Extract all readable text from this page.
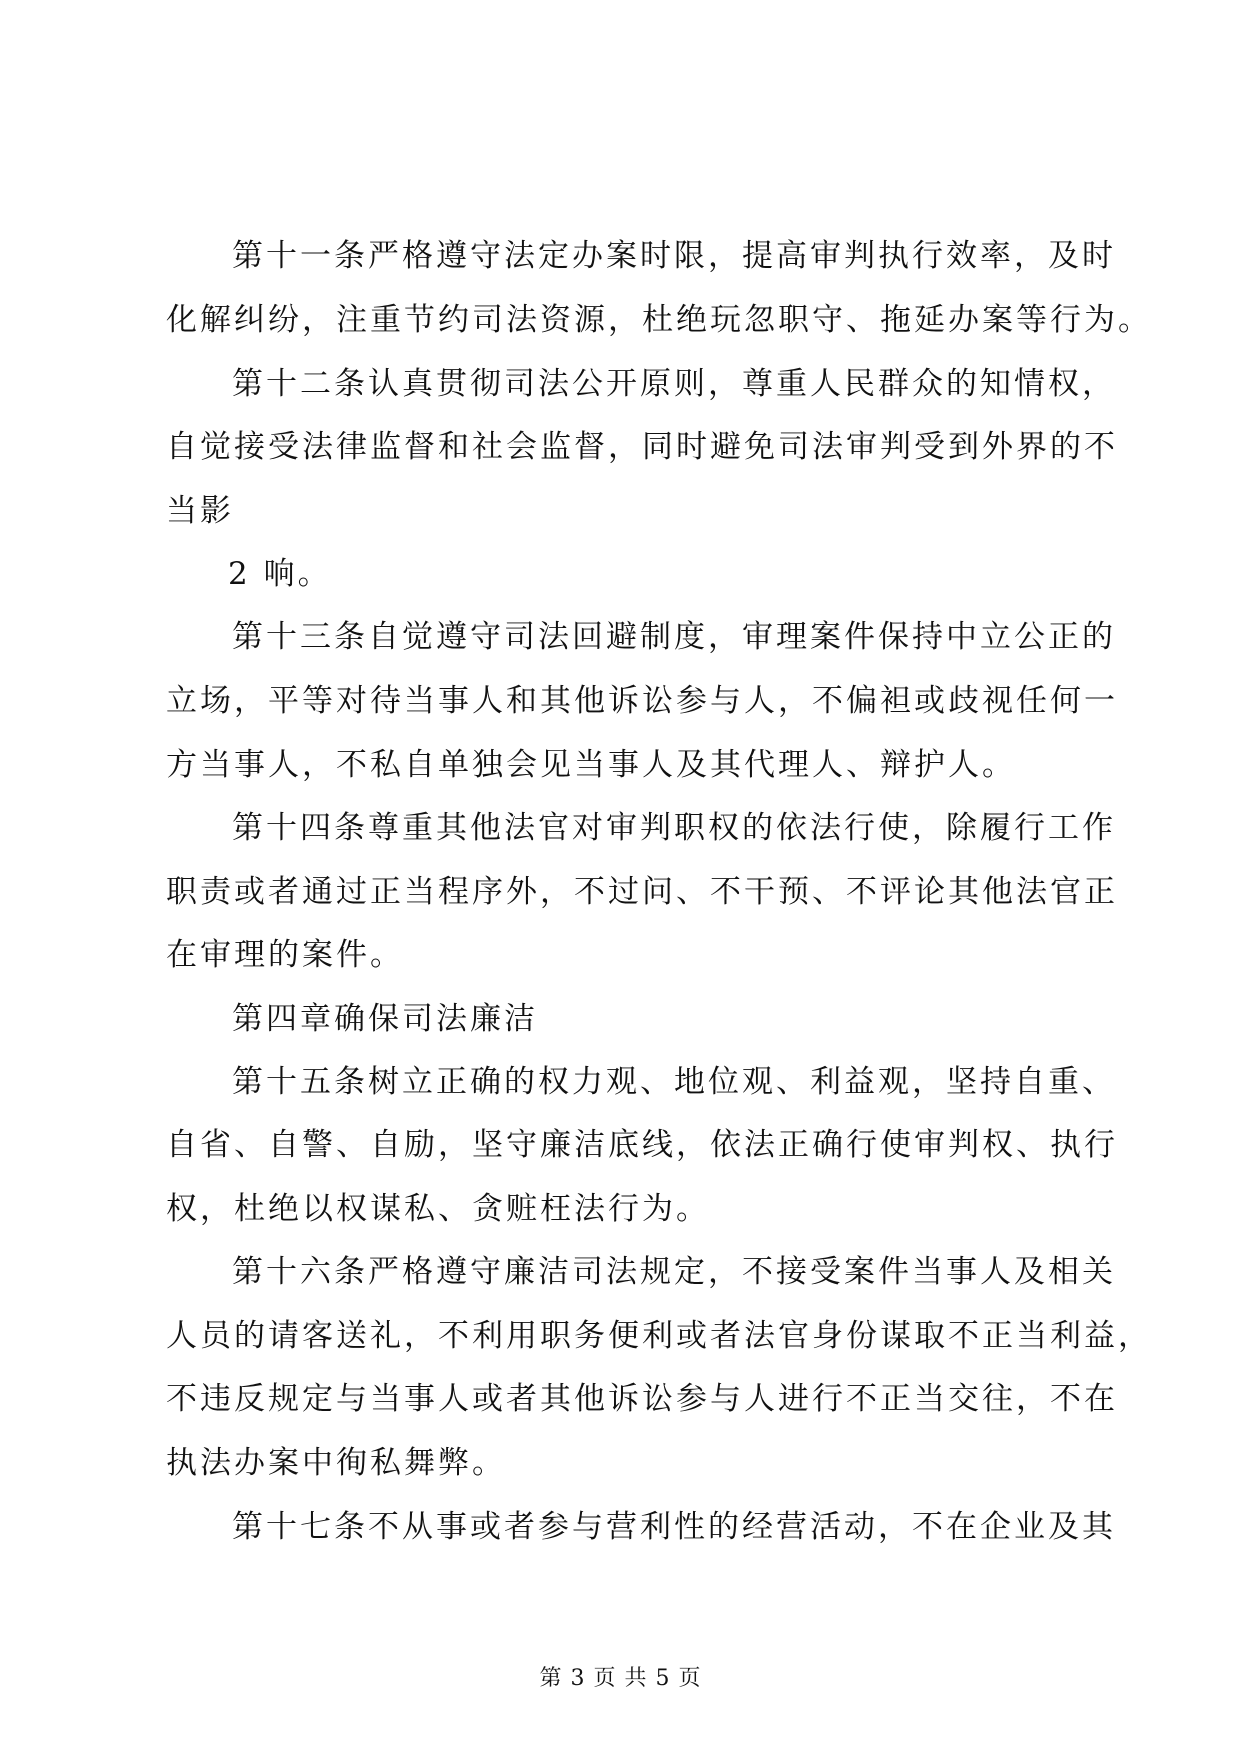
第十一条严格遵守法定办案时限，提高审判执行效率，及时
化解纠纷，注重节约司法资源，杜绝玩忽职守、拖延办案等行为。
第十二条认真贯彻司法公开原则，尊重人民群众的知情权，
自觉接受法律监督和社会监督，同时避免司法审判受到外界的不
当影
2 响。
第十三条自觉遵守司法回避制度，审理案件保持中立公正的
立场，平等对待当事人和其他诉讼参与人，不偏袒或歧视任何一
方当事人，不私自单独会见当事人及其代理人、辩护人。
第十四条尊重其他法官对审判职权的依法行使，除履行工作
职责或者通过正当程序外，不过问、不干预、不评论其他法官正
在审理的案件。
第四章确保司法廉洁
第十五条树立正确的权力观、地位观、利益观，坚持自重、
自省、自警、自励，坚守廉洁底线，依法正确行使审判权、执行
权，杜绝以权谋私、贪赃枉法行为。
第十六条严格遵守廉洁司法规定，不接受案件当事人及相关
人员的请客送礼，不利用职务便利或者法官身份谋取不正当利益，
不违反规定与当事人或者其他诉讼参与人进行不正当交往，不在
执法办案中徇私舞弊。
第十七条不从事或者参与营利性的经营活动，不在企业及其
第 3 页 共 5 页
